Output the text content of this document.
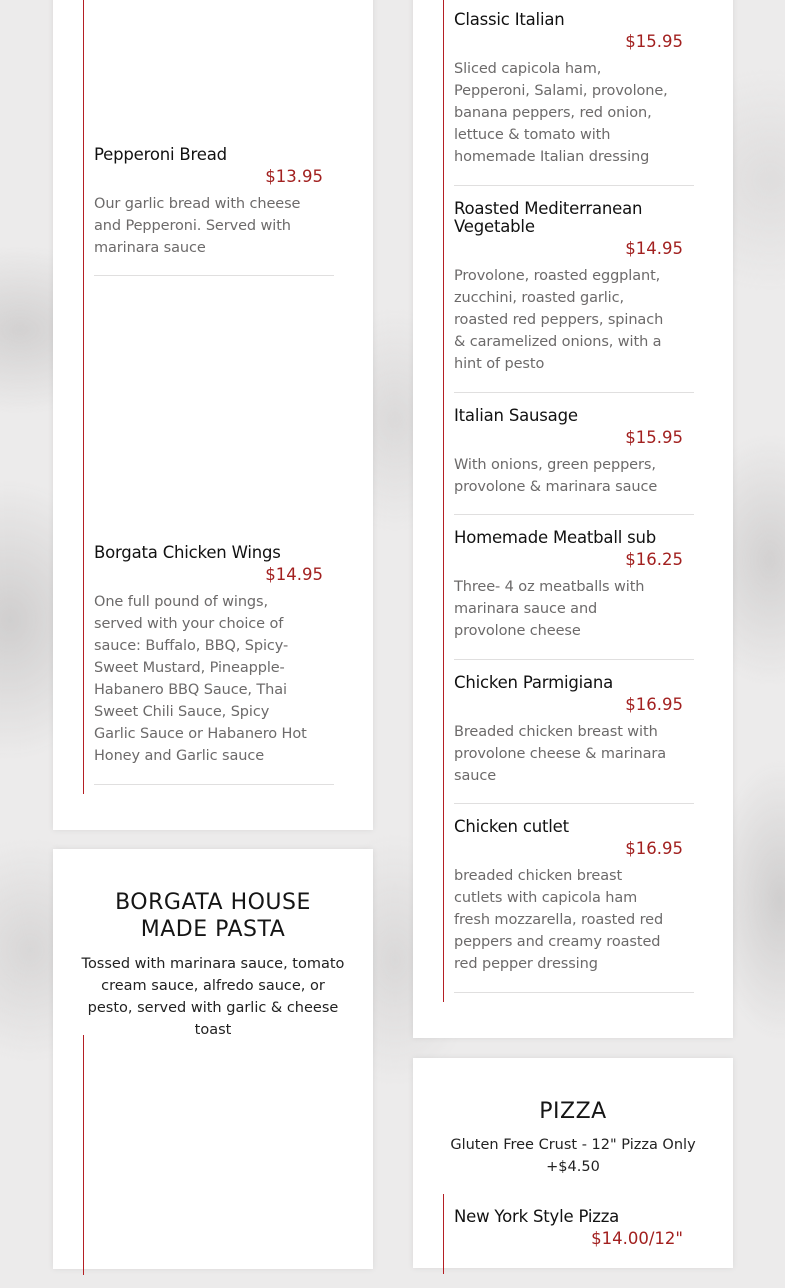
Pepperoni Bread
$13.95
Our garlic bread with cheese and Pepperoni. Served with marinara sauce
Borgata Chicken Wings
$14.95
One full pound of wings, served with your choice of sauce: Buffalo, BBQ, Spicy-Sweet Mustard, Pineapple-Habanero BBQ Sauce, Thai Sweet Chili Sauce, Spicy Garlic Sauce or Habanero Hot Honey and Garlic sauce
BORGATA HOUSE MADE PASTA
Tossed with marinara sauce, tomato cream sauce, alfredo sauce, or pesto, served with garlic & cheese toast
Classic Italian
$15.95
Sliced capicola ham, Pepperoni, Salami, provolone, banana peppers, red onion, lettuce & tomato with homemade Italian dressing
Roasted Mediterranean Vegetable
$14.95
Provolone, roasted eggplant, zucchini, roasted garlic, roasted red peppers, spinach & caramelized onions, with a hint of pesto
Italian Sausage
$15.95
With onions, green peppers, provolone & marinara sauce
Homemade Meatball sub
$16.25
Three- 4 oz meatballs with marinara sauce and provolone cheese
Chicken Parmigiana
$16.95
Breaded chicken breast with provolone cheese & marinara sauce
Chicken cutlet
$16.95
breaded chicken breast cutlets with capicola ham fresh mozzarella, roasted red peppers and creamy roasted red pepper dressing
PIZZA
Gluten Free Crust - 12" Pizza Only +$4.50
New York Style Pizza
$14.00/12"
